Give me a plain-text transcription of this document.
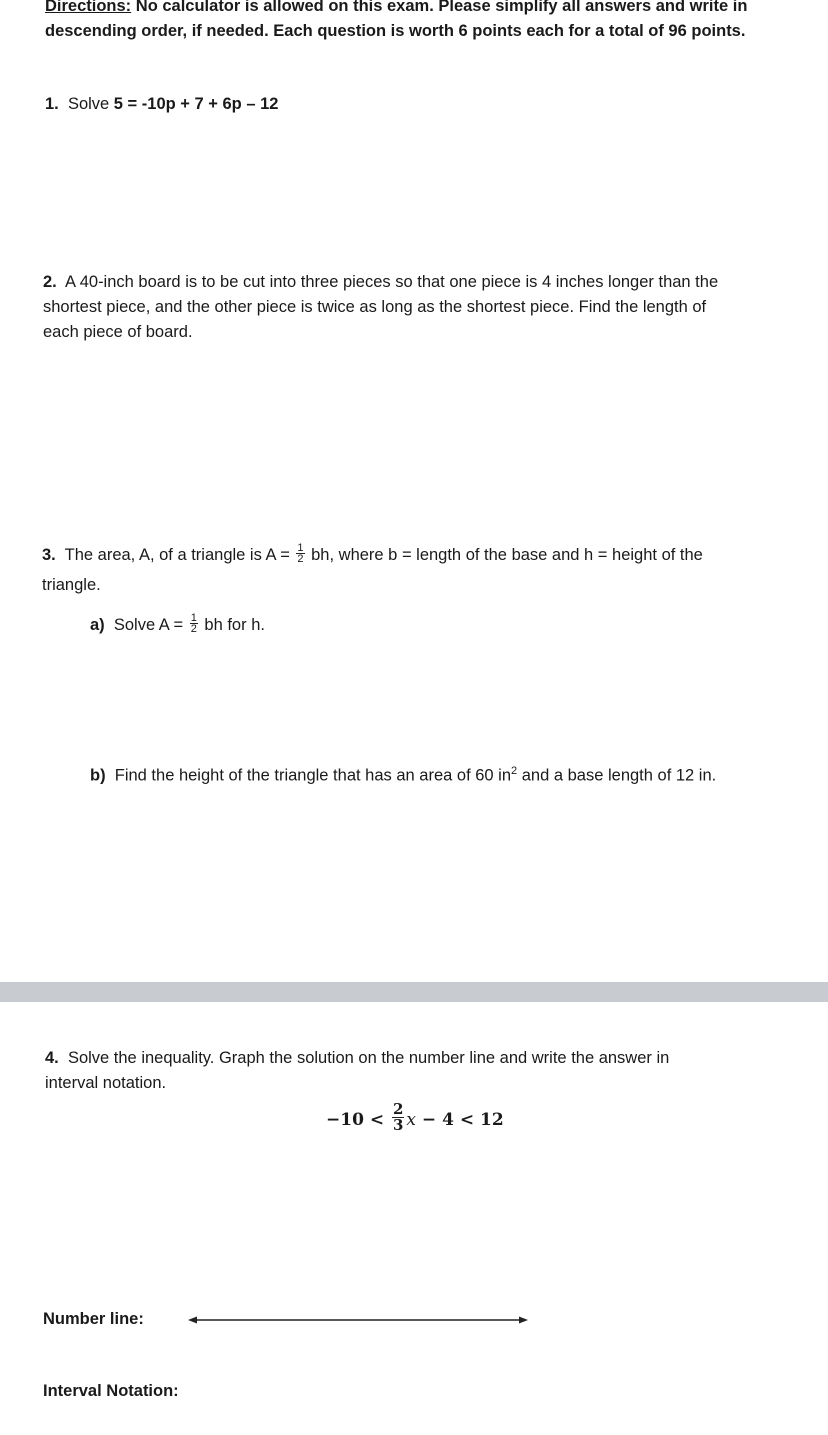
Directions: No calculator is allowed on this exam. Please simplify all answers and write in
descending order, if needed. Each question is worth 6 points each for a total of 96 points.
1. Solve 5 = -10p + 7 + 6p – 12
2. A 40-inch board is to be cut into three pieces so that one piece is 4 inches longer than the
shortest piece, and the other piece is twice as long as the shortest piece. Find the length of
each piece of board.
3. The area, A, of a triangle is $A = \frac{1}{2}$ bh, where b = length of the base and h = height of the
triangle.
a) Solve $A = \frac{1}{2}$ bh for h.
b) Find the height of the triangle that has an area of 60 $in^2$ and a base length of 12 in.
4. Solve the inequality. Graph the solution on the number line and write the answer in
interval notation.
$-10 < \frac{2}{3}$ x − 4 < 12
Number line:
Interval Notation:
